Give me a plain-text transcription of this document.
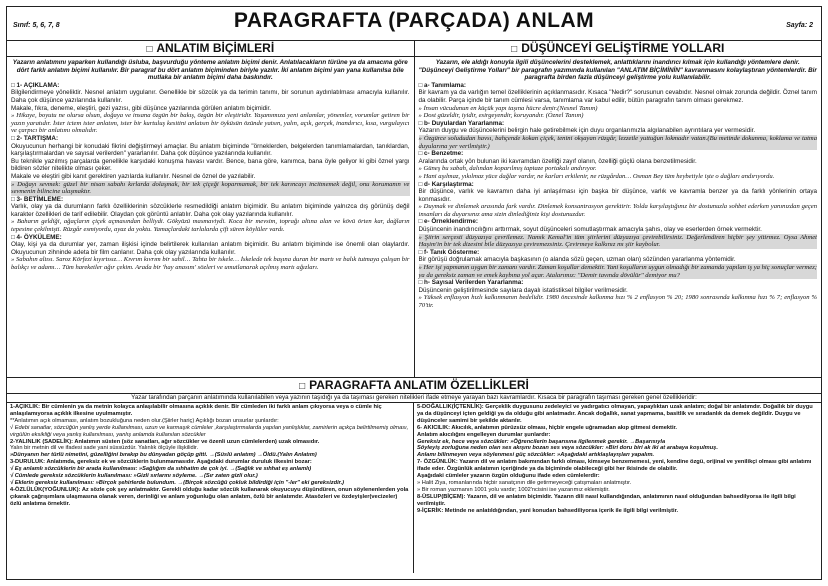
Sınıf: 5, 6, 7, 8	PARAGRAFTA (PARÇADA) ANLAM	Sayfa: 2
□ ANLATIM BİÇİMLERİ

Yazarın anlatımını yaparken kullandığı üsluba, başvurduğu yönteme anlatım biçimi denir. Anlatılacakların türüne ya da amacına göre dört farklı anlatım biçimi kullanılır. Bir paragraf bu dört anlatım biçiminden biriyle yazılır. İki anlatım biçimi yan yana kullanılsa bile mutlaka bir anlatım biçimi daha baskındır.

□ 1- AÇIKLAMA:

Bilgilendirmeye yöneliktir. Nesnel anlatım uygulanır. Genellikle bir sözcük ya da terimin tanımı, bir sorunun aydınlatılması amacıyla kullanılır. Daha çok düşünce yazılarında kullanılır.

Makale, fıkra, deneme, eleştiri, gezi yazısı, gibi düşünce yazılarında görülen anlatım biçimidir.

» Hikaye, boyutu ne olursa olsun, doğaya ve insana özgün bir bakış, özgün bir eleştiridir. Yaşamımıza yeni anlamlar, yönemler, vorumlar getiren bir yazın yaratıdır. İster ictem ister anlatım, ister bir kurtuluş kesitini anlatsın bir öyküsün özünde yatsın, yalın, açık, gerçek, inandırıcı, kısa, vurgulayıcı ve çarpıcı bir anlatımı olmalıdır.

□ 2- TARTIŞMA:

Okuyucunun herhangi bir konudaki fikrini değiştirmeyi amaçlar. Bu anlatım biçiminde "örneklerden, belgelerden tanımlamalardan, tanıklardan, karşılaştırmalardan ve sayısal verilerden" yararlanılır. Daha çok düşünce yazılarında kullanılır.

Bu teknikle yazılmış parçalarda genellikle karşıdaki konuşma havası vardır. Bence, bana göre, kanımca, bana öyle geliyor ki gibi öznel yargı bildiren sözler nitelikte olması çeker.

Makale ve eleştiri gibi kanıt gerektiren yazılarda kullanılır. Nesnel de öznel de yazılabilir.

» Doğayı sevmek: güzel bir nisan sabahı kırlarda dolaşmak, bir tek çiçeği koparmamak, bir tek karıncayı incitmemek değil, onu korumanın ve sevmenin bilincine ulaşmaktır.

□ 3- BETİMLEME:

Varlık, olay ya da durumların farklı özelliklerinin sözcüklerle resmedildiği anlatım biçimidir. Bu anlatım biçiminde yalnızca dış görünüş değil karakter özellikleri de tarif edilebilir. Olaydan çok görüntü anlatılır. Daha çok olay yazılarında kullanılır.

» Baharın geldiği, ağaçların çiçek açmasından belliydi. Gökyüzü masmaviydi. Koca bir mevsim, toprağı altına alan ve kövü örten kar, dağların tepesine çekilmişti. Rüzgâr esmiyordu, ayaz da yoktu. Yamaçlardaki tarlalarda çift süren köylüler vardı.

□ 4- ÖYKÜLEME:

Olay, kişi ya da durumlar yer, zaman ilişkisi içinde belirtilerek kullanılan anlatım biçimidir. Bu anlatım biçiminde ise önemli olan olaylardır. Okuyucunun zihninde adeta bir film canlanır. Daha çok olay yazılarında kullanılır.

» Sabahın altısı. Saroz Körfezi kıyırtısız… Kıvrım kıvrım bir sahil… Tahta bir iskele… İskelede tek başına duran bir martı ve balık tutmaya çalışan bir balıkçı ve adamı… Tüm hareketler ağır çekim. Arada bir 'hay anasını' sözleri ve umutlanarak açılmış martı ağızları.

□ DÜŞÜNCEYİ GELİŞTİRME YOLLARI

Yazarın, ele aldığı konuyla ilgili düşüncelerini desteklemek, anlattıklarını inandırıcı kılmak için kullandığı yöntemlere denir. "Düşünceyi Geliştirme Yolları" bir paragrafın yazımında kullanılan "ANLATIM BİÇİMİNİN" kavranmasını kolaylaştıran yöntemlerdir. Bir paragrafta birden fazla düşünceyi geliştirme yolu kullanılabilir.

□ a- Tanımlama:

Bir kavram ya da varlığın temel özelliklerinin açıklanmasıdır. Kısaca "Nedir?" sorusunun cevabıdır. Nesnel olmak zorunda değildir. Öznel tanım da olabilir. Parça içinde bir tanım cümlesi varsa, tanımlama var kabul edilir, bütün paragrafın tanım olması gerekmez.

» İnsan vücudunun en küçük yapı taşına hücre denir.(Nesnel Tanım)

» Dost güzeldir, iyidir, esirgeyendir, koruyandır. (Öznel Tanım)

□ b- Duyulardan Yararlanma:

Yazarın duygu ve düşüncelerini belirgin hale getirebilmek için duyu organlarımızla algılanabilen ayrıntılara yer vermesidir.

» Özgürce solududan havsı, bahçende kokan çiçek, tenini okşayan rüzgâr, lezzetle yuttuğun lokmadır vatan.(Bu metinde dokunma, koklama ve tatma duyularına yer verilmiştir.)

□ c- Benzetme:

Aralarında ortak yön bulunan iki kavramdan özelliği zayıf olanın, özelliği güçlü olana benzetilmesidir.

» Güneş bu sabah, dalından koparılmış taptaze portakalı andırıyor.

» Hani aşılmaz, yıkılmaz yüce dağlar vardır, ne karları erkilenir, ne rüzgârdan… Osman Bey tüm heybetiyle işte o dağları andırıyordu.

□ d- Karşılaştırma:

Bir düşünce, varlık ve kavramın daha iyi anlaşılması için başka bir düşünce, varlık ve kavramla benzer ya da farklı yönlerinin ortaya konmasıdır.

» Duymak ve dinlemek arasında fark vardır. Dinlemek konsantrasyon gerektirir. Yolda karşılaştığınız bir dostunuzla sohbet ederken yanınızdan geçen insanları da duyarsınız ama sizin dinlediğiniz kişi dostunuzdur.

□ e- Örneklendirme:

Düşüncenin inandırıcılığını arttırmak, soyut düşünceleri somutlaştırmak amacıyla şahıs, olay ve eserlerden örnek vermektir.

» Şiirin serçesti düzyazıya çevrilemez. Namık Kemal'in tüm şiirlerini düzyazıya çevirebilirsiniz. Değerlendiren hiçbir şey yitirmez. Oysa Ahmet Haşim'in bir tek dizesini bile düzyazıya çeviremezsiniz. Çevirmeye kalkınız mı şiir kaybolur.

□ f- Tanık Gösterme:

Bir görüşü doğrulamak amacıyla başkasının (o alanda sözü geçen, uzman olan) sözünden yararlanma yöntemidir.

» Her işi yapmanın uygun bir zamanı vardır. Zaman koşullar demektir. Yani koşulların uygun olmadığı bir zamanda yapılan iş ya hiç sonuçlar vermez; ya da gereksiz zaman ve emek kaybına yol açar. Atalarımız: "Demir tavında dövülür" demiyor mu?

□ h- Sayısal Verilerden Yararlanma:

Düşüncenin geliştirilmesinde sayılara dayalı istatistiksel bilgiler verilmesidir.

» Yüksek enflasyon hızlı kalkınmanın bedelidir. 1980 öncesinde kalkınma hızı % 2 enflasyon % 20; 1980 sonrasında kalkınma hızı % 7; enflasyon % 70'tir.

□ PARAGRAFTA ANLATIM ÖZELLİKLERİ
Yazar tarafından parçanın anlatımında kullanılabilen veya yazının taşıdığı ya da taşıması gereken nitelikleri ifade etmeye yarayan bazı kavramlardır. Kısaca bir paragrafın taşıması gereken genel özellikleridir:

1-AÇIKLIK: Bir cümlenin ya da metnin kolayca anlaşılabilir olmasına açıklık denir. Bir cümleden iki farklı anlam çıkıyorsa veya o cümle hiç anlaşılamıyorsa açıklık ilkesine uyulmamıştır.

**Anlatımın açık olmaması, anlatım bozukluğuna neden olur.(Şiirler hariç) Açıklığı bozan unsurlar şunlardır:

√ Edebi sanatlar, sözcüğün yanlış yerde kullanılması, uzun ve karmaşık cümleler ,karşılaştırmalarda yapılan yanlışlıklar, zamirlerin açıkça belirtilmemiş olması, virgülün eksikliği veya yanlış kullanılması, yanlış anlamda kullanılan sözcükler

2-YALINLIK (SADELİK): Anlatımın süsten (söz sanatları, ağır sözcükler ve özenli uzun cümlelerden) uzak olmasıdır.

Yalın bir metnin dil ve ifadesi sade yani süssüzdür. Yalınlık ölçüyle ilişkilidir.

»Dünyanın her türlü nimetini, güzelliğini bırakıp bu dünyadan göçüp gitti. →(Süslü anlatım) →Öldü.(Yalın Anlatım)

3-DURULUK: Anlatımda, gereksiz ek ve sözcüklerin bulunmamasıdır. Aşağıdaki durumlar duruluk ilkesini bozar:

√ Eş anlamlı sözcüklerin bir arada kullanılması: »Sağlığım da sıhhatim de çok iyi. →(Sağlık ve sıhhat eş anlamlı)

√ Cümlede gereksiz sözcüklerin kullanılması: »Gizli sırlarını söyleme. →(Sır zaten gizli olur.)

√ Eklerin gereksiz kullanılması: »Birçok şehirlerde bulundum. →(Birçok sözcüğü çokluk bildirdiği için "-ler" eki gereksizdir.)

4-ÖZLÜLÜK(YOĞUNLUK): Az sözle çok şey anlatmaktır. Gerekli olduğu kadar sözcük kullanarak okuyucuyu düşündüren, onun söylenenlerden yola çıkarak çağrışımlara ulaşmasına olanak veren, derinliği ve anlam yoğunluğu olan anlatım, özlü bir anlatımdır. Atasözleri ve özdeyişler(vecizeler) özlü anlatıma örnektir.

5-DOĞALLIK(İÇTENLİK): Gerçeklik duygusunu zedeleyici ve yadırgatıcı olmayan, yapaylıktan uzak anlatım; doğal bir anlatımdır. Doğallık bir duygu ya da düşünceyi içten geldiği ya da olduğu gibi anlatmadır. Ancak doğallık, sanat yapmama, basitlik ve sıradanlık da demek değildir. Duygu ve düşünceler samimi bir şekilde aktarılır.

6- AKICILIK: Akıcılık, anlatımın pürüzsüz olması, hiçbir engele uğramadan akıp gitmesi demektir.

Anlatım akıcılığını engelleyen durumlar şunlardır:

Gereksiz ek, hece veya sözcükler: »Öğrencilerin başarısına ilgilenmek gerekir. →Başarısıyla

Söyleyiş zorluğuna neden olan ses akışını bozan ses veya sözcükler: »Biri doru biri ak iki at arabaya koşulmuş.

Anlamı bilinmeyen veya söylenmesi güç sözcükler: »Aşağıdaki artıklaşlayışları yapalım.

7- ÖZGÜNLÜK: Yazarın dil ve anlatım bakımından farklı olması, kimseye benzememesi, yeni, kendine özgü, orijinal ve yenilikçi olması gibi anlatımı ifade eder. Özgünlük anlatımın içeriğinde ya da biçiminde olabileceği gibi her ikisinde de olabilir.

Aşağıdaki cümleler yazarın özgün olduğunu ifade eden cümlelerdir:

» Halit Ziya, romanlarında hiçbir sanatçının dile getirmeyeceği çatışmaları anlatmıştır.

» Bir roman yazmanın 1001 yolu vardır; 1002'ncisini ise yazarımız eklemiştir.

8-ÜSLUP(BİÇEM): Yazarın, dil ve anlatım biçimidir. Yazarın dili nasıl kullandığından, anlatımının nasıl olduğundan bahsedilyorsa ile ilgili bilgi verilmiştir.

9-İÇERİK: Metinde ne anlatıldığından, yani konudan bahsediliyorsa içerik ile ilgili bilgi verilmiştir.
